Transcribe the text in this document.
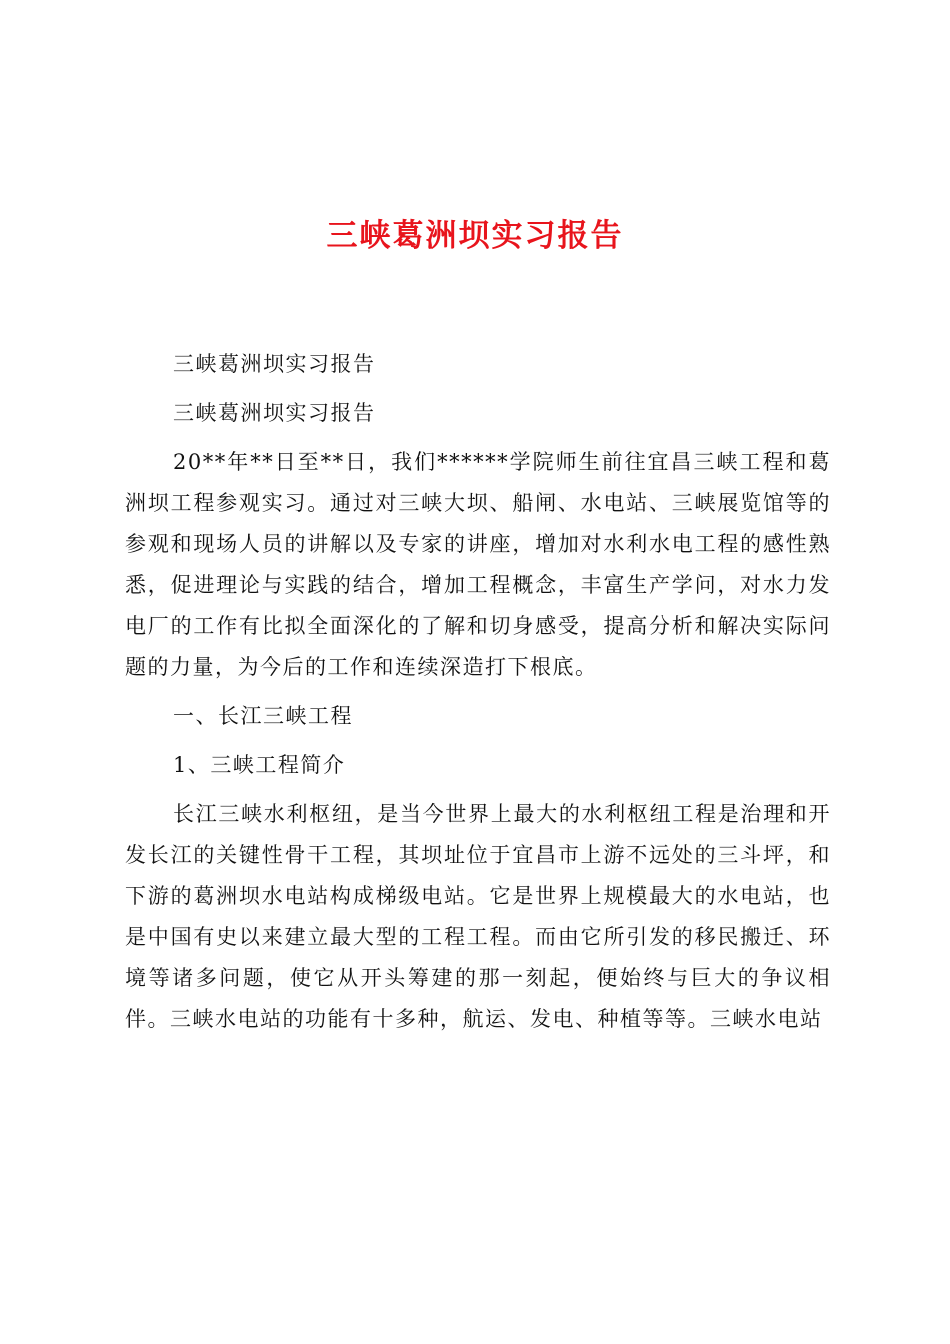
三峡葛洲坝实习报告

三峡葛洲坝实习报告

三峡葛洲坝实习报告

20**年**日至**日，我们******学院师生前往宜昌三峡工程和葛洲坝工程参观实习。通过对三峡大坝、船闸、水电站、三峡展览馆等的参观和现场人员的讲解以及专家的讲座，增加对水利水电工程的感性熟悉，促进理论与实践的结合，增加工程概念，丰富生产学问，对水力发电厂的工作有比拟全面深化的了解和切身感受，提高分析和解决实际问题的力量，为今后的工作和连续深造打下根底。

一、长江三峡工程

1、三峡工程简介

长江三峡水利枢纽，是当今世界上最大的水利枢纽工程是治理和开发长江的关键性骨干工程，其坝址位于宜昌市上游不远处的三斗坪，和下游的葛洲坝水电站构成梯级电站。它是世界上规模最大的水电站，也是中国有史以来建立最大型的工程工程。而由它所引发的移民搬迁、环境等诸多问题，使它从开头筹建的那一刻起，便始终与巨大的争议相伴。三峡水电站的功能有十多种，航运、发电、种植等等。三峡水电站
